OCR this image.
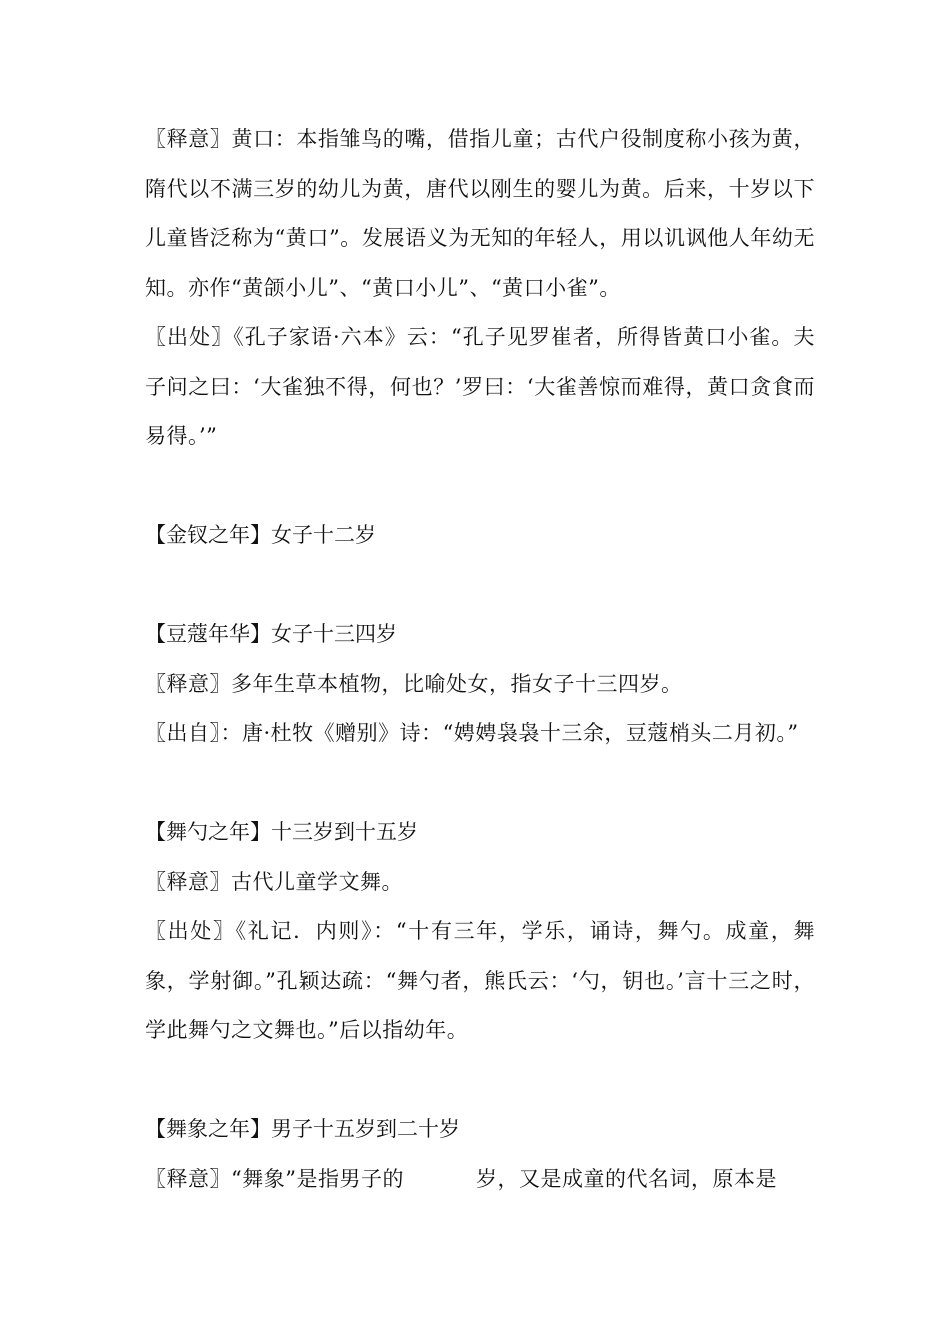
〖释意〗黄口：本指雏鸟的嘴，借指儿童；古代户役制度称小孩为黄，隋代以不满三岁的幼儿为黄，唐代以刚生的婴儿为黄。后来，十岁以下儿童皆泛称为“黄口”。发展语义为无知的年轻人，用以讥讽他人年幼无知。亦作“黄颌小儿”、“黄口小儿”、“黄口小雀”。

〖出处〗《孔子家语·六本》云：“孔子见罗崔者，所得皆黄口小雀。夫子问之曰：‘大雀独不得，何也？’罗曰：‘大雀善惊而难得，黄口贪食而易得。’”

【金钗之年】女子十二岁

【豆蔻年华】女子十三四岁

〖释意〗多年生草本植物，比喻处女，指女子十三四岁。

〖出自〗：唐·杜牧《赠别》诗：“娉娉袅袅十三余，豆蔻梢头二月初。”

【舞勺之年】十三岁到十五岁

〖释意〗古代儿童学文舞。

〖出处〗《礼记．内则》：“十有三年，学乐，诵诗，舞勺。成童，舞象，学射御。”孔颖达疏：“舞勺者，熊氏云：‘勺，钥也。’言十三之时，学此舞勺之文舞也。”后以指幼年。

【舞象之年】男子十五岁到二十岁

〖释意〗“舞象”是指男子的	岁，又是成童的代名词，原本是
